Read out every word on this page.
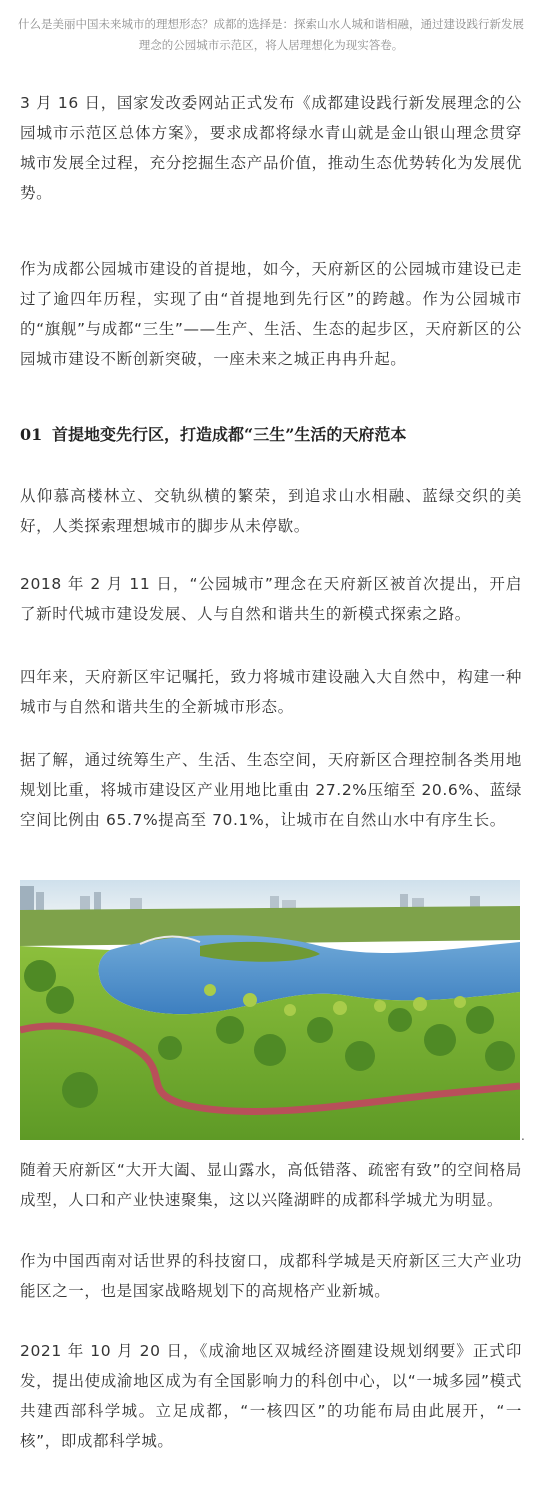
什么是美丽中国未来城市的理想形态？成都的选择是：探索山水人城和谐相融，通过建设践行新发展理念的公园城市示范区，将人居理想化为现实答卷。

3 月 16 日，国家发改委网站正式发布《成都建设践行新发展理念的公园城市示范区总体方案》，要求成都将绿水青山就是金山银山理念贯穿城市发展全过程，充分挖掘生态产品价值，推动生态优势转化为发展优势。

作为成都公园城市建设的首提地，如今，天府新区的公园城市建设已走过了逾四年历程，实现了由“首提地到先行区”的跨越。作为公园城市的“旗舰”与成都“三生”——生产、生活、生态的起步区，天府新区的公园城市建设不断创新突破，一座未来之城正冉冉升起。

01 首提地变先行区，打造成都“三生”生活的天府范本

从仰慕高楼林立、交轨纵横的繁荣，到追求山水相融、蓝绿交织的美好，人类探索理想城市的脚步从未停歇。

2018 年 2 月 11 日，“公园城市”理念在天府新区被首次提出，开启了新时代城市建设发展、人与自然和谐共生的新模式探索之路。

四年来，天府新区牢记嘱托，致力将城市建设融入大自然中，构建一种城市与自然和谐共生的全新城市形态。

据了解，通过统筹生产、生活、生态空间，天府新区合理控制各类用地规划比重，将城市建设区产业用地比重由 27.2%压缩至 20.6%、蓝绿空间比例由 65.7%提高至 70.1%，让城市在自然山水中有序生长。

.

随着天府新区“大开大阖、显山露水，高低错落、疏密有致”的空间格局成型，人口和产业快速聚集，这以兴隆湖畔的成都科学城尤为明显。

作为中国西南对话世界的科技窗口，成都科学城是天府新区三大产业功能区之一，也是国家战略规划下的高规格产业新城。

2021 年 10 月 20 日，《成渝地区双城经济圈建设规划纲要》正式印发，提出使成渝地区成为有全国影响力的科创中心，以“一城多园”模式共建西部科学城。立足成都，“一核四区”的功能布局由此展开，“一核”，即成都科学城。
